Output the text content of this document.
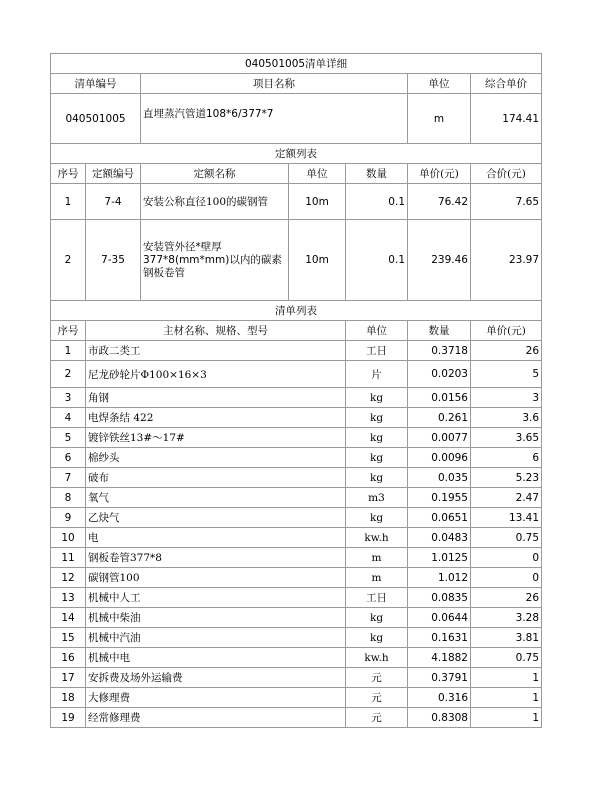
040501005清单详细							
清单编号		项目名称			单位	综合单价	
040501005		直埋蒸汽管道108*6/377*7			m	174.41	
定额列表							
序号	定额编号	定额名称	单位	数量	单价(元)	合价(元)	
1	7-4	安装公称直径100的碳钢管	10m	0.1	76.42	7.65	
2	7-35	安装管外径*壁厚377*8(mm*mm)以内的碳素钢板卷管	10m	0.1	239.46	23.97	
清单列表							
序号	主材名称、规格、型号			单位	数量	单价(元)	
1	市政二类工			工日	0.3718	26	
2	尼龙砂轮片Φ100×16×3			片	0.0203	5	
3	角钢			kg	0.0156	3	
4	电焊条结 422			kg	0.261	3.6	
5	镀锌铁丝13#～17#			kg	0.0077	3.65	
6	棉纱头			kg	0.0096	6	
7	破布			kg	0.035	5.23	
8	氧气			m3	0.1955	2.47	
9	乙炔气			kg	0.0651	13.41	
10	电			kw.h	0.0483	0.75	
11	钢板卷管377*8			m	1.0125	0	
12	碳钢管100			m	1.012	0	
13	机械中人工			工日	0.0835	26	
14	机械中柴油			kg	0.0644	3.28	
15	机械中汽油			kg	0.1631	3.81	
16	机械中电			kw.h	4.1882	0.75	
17	安拆费及场外运输费			元	0.3791	1	
18	大修理费			元	0.316	1	
19	经常修理费			元	0.8308	1	
